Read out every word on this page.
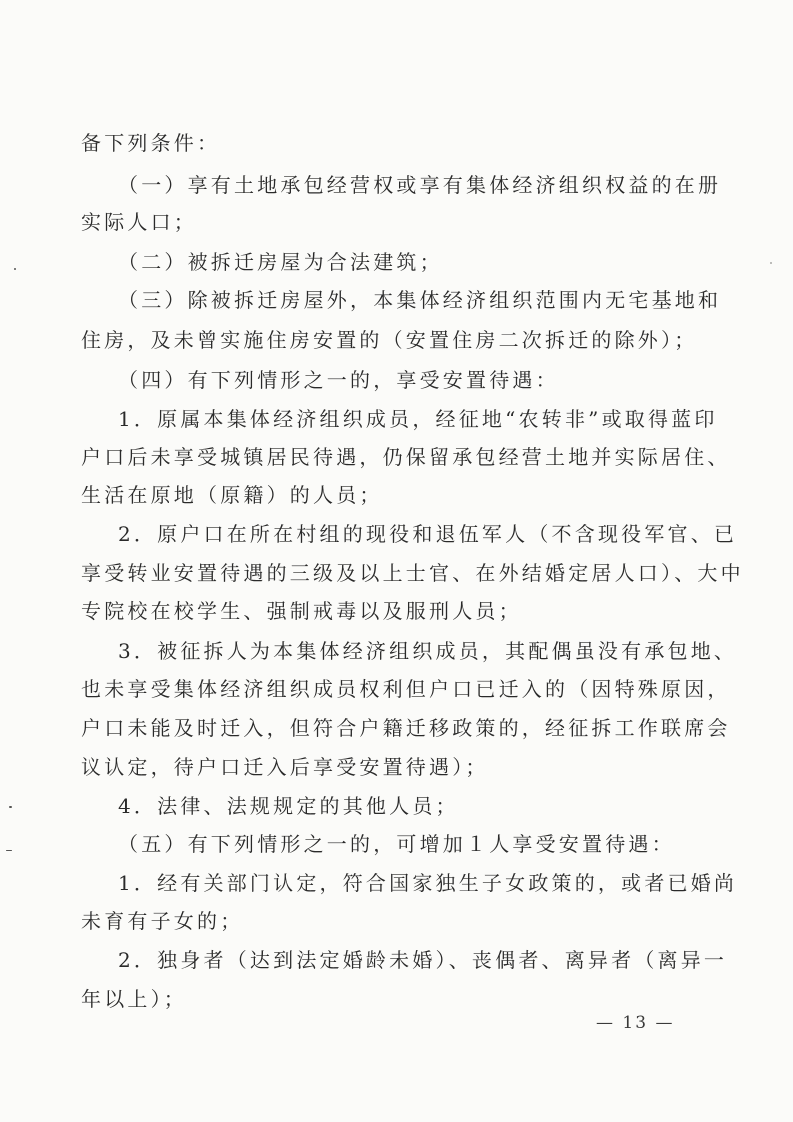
备下列条件：
（一）享有土地承包经营权或享有集体经济组织权益的在册
实际人口；
（二）被拆迁房屋为合法建筑；
（三）除被拆迁房屋外，本集体经济组织范围内无宅基地和
住房，及未曾实施住房安置的（安置住房二次拆迁的除外）；
（四）有下列情形之一的，享受安置待遇：
1．原属本集体经济组织成员，经征地“农转非”或取得蓝印
户口后未享受城镇居民待遇，仍保留承包经营土地并实际居住、
生活在原地（原籍）的人员；
2．原户口在所在村组的现役和退伍军人（不含现役军官、已
享受转业安置待遇的三级及以上士官、在外结婚定居人口）、大中
专院校在校学生、强制戒毒以及服刑人员；
3．被征拆人为本集体经济组织成员，其配偶虽没有承包地、
也未享受集体经济组织成员权利但户口已迁入的（因特殊原因，
户口未能及时迁入，但符合户籍迁移政策的，经征拆工作联席会
议认定，待户口迁入后享受安置待遇）；
4．法律、法规规定的其他人员；
（五）有下列情形之一的，可增加１人享受安置待遇：
1．经有关部门认定，符合国家独生子女政策的，或者已婚尚
未育有子女的；
2．独身者（达到法定婚龄未婚）、丧偶者、离异者（离异一
年以上）；
— 13 —
